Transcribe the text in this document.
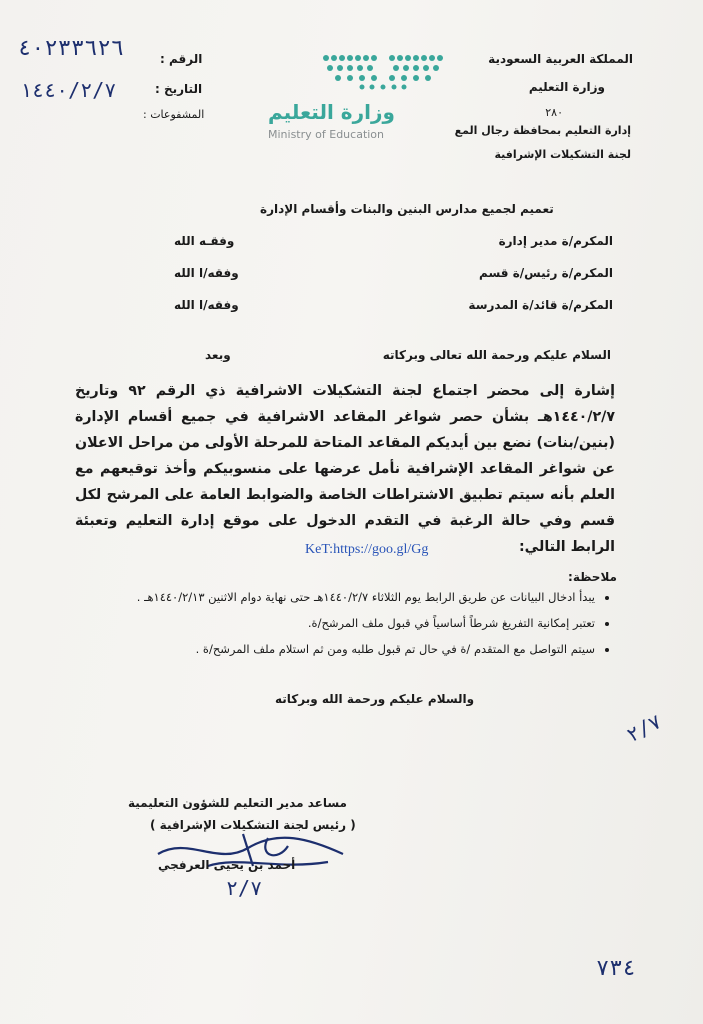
٤٠٢٣٣٦٢٦
١٤٤٠/٢/٧
الرقم :
التاريخ :
المشفوعات :	وزارة التعليم
Ministry of Education
المملكة العربية السعودية
وزارة التعليم
٢٨٠
إدارة التعليم بمحافظة رجال المع
لجنة التشكيلات الإشرافية
تعميم لجميع مدارس البنين والبنات وأقسام الإدارة
المكرم/ة مدير إدارة
وفقـه الله
المكرم/ة رئيس/ة قسم
وفقه/ا الله
المكرم/ة قائد/ة المدرسة
وفقه/ا الله
السلام عليكم ورحمة الله تعالى وبركاته
وبعد
إشارة إلى محضر اجتماع لجنة التشكيلات الاشرافية ذي الرقم ٩٢ وتاريخ ١٤٤٠/٢/٧هـ بشأن حصر شواغر المقاعد الاشرافية في جميع أقسام الإدارة (بنين/بنات) نضع بين أيديكم المقاعد المتاحة للمرحلة الأولى من مراحل الاعلان عن شواغر المقاعد الإشرافية نأمل عرضها على منسوبيكم وأخذ توقيعهم مع العلم بأنه سيتم تطبيق الاشتراطات الخاصة والضوابط العامة على المرشح لكل قسم وفي حالة الرغبة في التقدم الدخول على موقع إدارة التعليم وتعبئة الرابط التالي:
KeT:https://goo.gl/Gg
ملاحظة:
• يبدأ ادخال البيانات عن طريق الرابط يوم الثلاثاء ١٤٤٠/٢/٧هـ حتى نهاية دوام الاثنين ١٤٤٠/٢/١٣هـ .
• تعتبر إمكانية التفريغ شرطاً أساسياً في قبول ملف المرشح/ة.
• سيتم التواصل مع المتقدم /ة في حال تم قبول طلبه ومن ثم استلام ملف المرشح/ة .
والسلام عليكم ورحمة الله وبركاته
٢/٧
مساعد مدير التعليم للشؤون التعليمية
( رئيس لجنة التشكيلات الإشرافية )
أحمد بن يحيى العرفجي
٢/٧
٧٣٤
